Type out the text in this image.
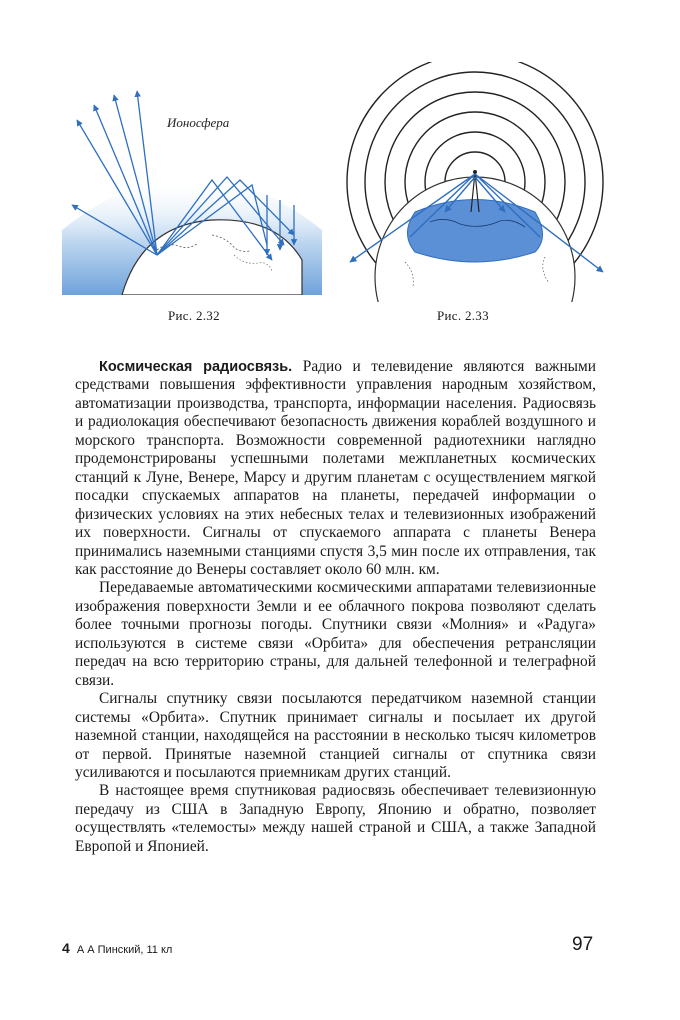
Ионосфера
Рис. 2.32	Рис. 2.33

Космическая радиосвязь. Радио и телевидение являются важными средствами повышения эффективности управления народным хозяйством, автоматизации производства, транспорта, информации населения. Радиосвязь и радиолокация обеспечивают безопасность движения кораблей воздушного и морского транспорта. Возможности современной радиотехники наглядно продемонстрированы успешными полетами межпланетных космических станций к Луне, Венере, Марсу и другим планетам с осуществлением мягкой посадки спускаемых аппаратов на планеты, передачей информации о физических условиях на этих небесных телах и телевизионных изображений их поверхности. Сигналы от спускаемого аппарата с планеты Венера принимались наземными станциями спустя 3,5 мин после их отправления, так как расстояние до Венеры составляет около 60 млн. км.

Передаваемые автоматическими космическими аппаратами телевизионные изображения поверхности Земли и ее облачного покрова позволяют сделать более точными прогнозы погоды. Спутники связи «Молния» и «Радуга» используются в системе связи «Орбита» для обеспечения ретрансляции передач на всю территорию страны, для дальней телефонной и телеграфной связи.

Сигналы спутнику связи посылаются передатчиком наземной станции системы «Орбита». Спутник принимает сигналы и посылает их другой наземной станции, находящейся на расстоянии в несколько тысяч километров от первой. Принятые наземной станцией сигналы от спутника связи усиливаются и посылаются приемникам других станций.

В настоящее время спутниковая радиосвязь обеспечивает телевизионную передачу из США в Западную Европу, Японию и обратно, позволяет осуществлять «телемосты» между нашей страной и США, а также Западной Европой и Японией.

4 А А Пинский, 11 кл	97
